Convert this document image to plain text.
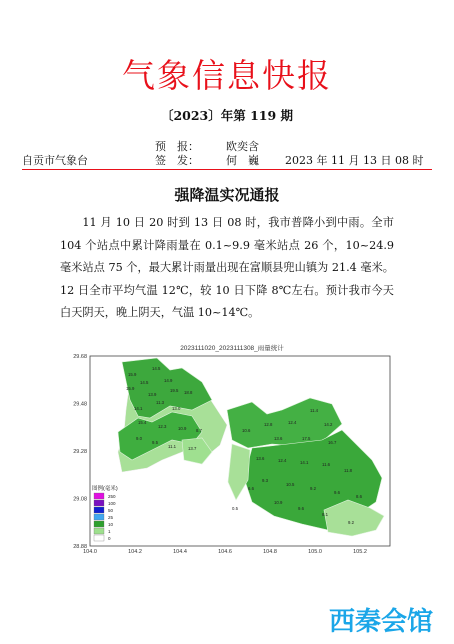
气象信息快报
〔2023〕年第 119 期
预　报： 欧奕含
自贡市气象台	签　发： 何　巍 2023 年 11 月 13 日 08 时
强降温实况通报
11 月 10 日 20 时到 13 日 08 时，我市普降小到中雨。全市 104 个站点中累计降雨量在 0.1~9.9 毫米站点 26 个，10~24.9 毫米站点 75 个，最大累计雨量出现在富顺县兜山镇为 21.4 毫米。12 日全市平均气温 12℃，较 10 日下降 8℃左右。预计我市今天白天阴天，晚上阴天，气温 10~14℃。
2023111020_2023111308_雨量统计
29.68
29.48
29.28
29.08
28.88
104.0	104.2	104.4	104.6	104.8	105.0	105.2
15.9
14.5
14.5	14.9
15.9
13.9
19.5 18.8
11.3
14.1	13.0
15.4
12.3	10.9 8.7
9.0
9.5
11.1	13.7
10.6
12.8	12.4
11.4
14.2
13.6	17.5
16.7
13.6	12.4	14.1	11.6
11.8
9.3
10.5
9.2
9.6
8.6
10.9
9.6
8.1
9.2
6.6
0.5
图例(毫米)
250
100
50
25
10
1
0
西秦会馆
